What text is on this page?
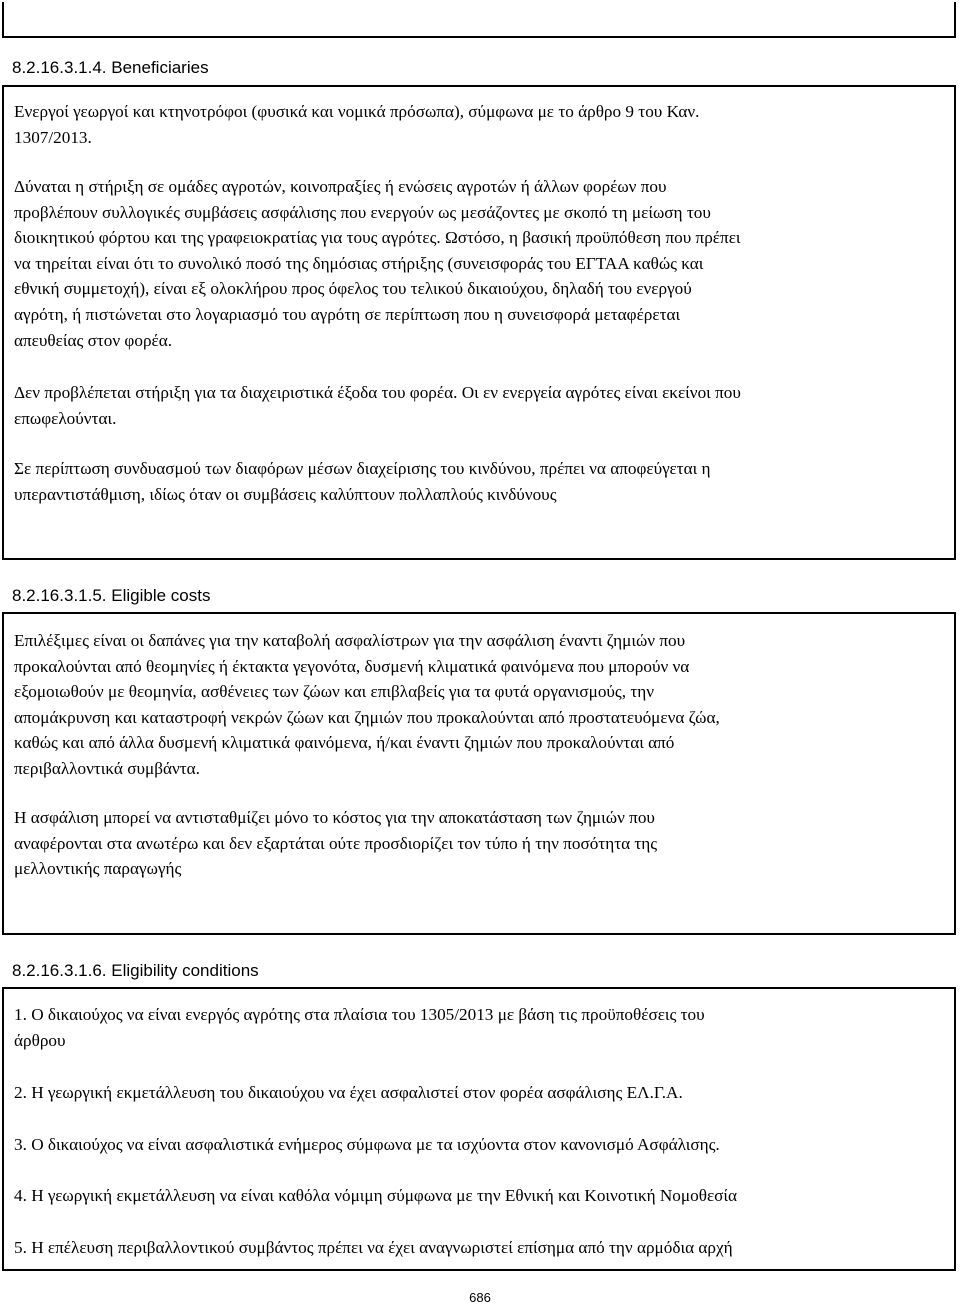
8.2.16.3.1.4. Beneficiaries

Ενεργοί γεωργοί και κτηνοτρόφοι (φυσικά και νομικά πρόσωπα), σύμφωνα με το άρθρο 9 του Καν.
1307/2013.

Δύναται η στήριξη σε ομάδες αγροτών, κοινοπραξίες ή ενώσεις αγροτών ή άλλων φορέων που
προβλέπουν συλλογικές συμβάσεις ασφάλισης που ενεργούν ως μεσάζοντες με σκοπό τη μείωση του
διοικητικού φόρτου και της γραφειοκρατίας για τους αγρότες. Ωστόσο, η βασική προϋπόθεση που πρέπει
να τηρείται είναι ότι το συνολικό ποσό της δημόσιας στήριξης (συνεισφοράς του ΕΓΤΑΑ καθώς και
εθνική συμμετοχή), είναι εξ ολοκλήρου προς όφελος του τελικού δικαιούχου, δηλαδή του ενεργού
αγρότη, ή πιστώνεται στο λογαριασμό του αγρότη σε περίπτωση που η συνεισφορά μεταφέρεται
απευθείας στον φορέα.

Δεν προβλέπεται στήριξη για τα διαχειριστικά έξοδα του φορέα. Οι εν ενεργεία αγρότες είναι εκείνοι που
επωφελούνται.

Σε περίπτωση συνδυασμού των διαφόρων μέσων διαχείρισης του κινδύνου, πρέπει να αποφεύγεται η
υπεραντιστάθμιση, ιδίως όταν οι συμβάσεις καλύπτουν πολλαπλούς κινδύνους

8.2.16.3.1.5. Eligible costs

Επιλέξιμες είναι οι δαπάνες για την καταβολή ασφαλίστρων για την ασφάλιση έναντι ζημιών που
προκαλούνται από θεομηνίες ή έκτακτα γεγονότα, δυσμενή κλιματικά φαινόμενα που μπορούν να
εξομοιωθούν με θεομηνία, ασθένειες των ζώων και επιβλαβείς για τα φυτά οργανισμούς, την
απομάκρυνση και καταστροφή νεκρών ζώων και ζημιών που προκαλούνται από προστατευόμενα ζώα,
καθώς και από άλλα δυσμενή κλιματικά φαινόμενα, ή/και έναντι ζημιών που προκαλούνται από
περιβαλλοντικά συμβάντα.

Η ασφάλιση μπορεί να αντισταθμίζει μόνο το κόστος για την αποκατάσταση των ζημιών που
αναφέρονται στα ανωτέρω και δεν εξαρτάται ούτε προσδιορίζει τον τύπο ή την ποσότητα της
μελλοντικής παραγωγής

8.2.16.3.1.6. Eligibility conditions

1. Ο δικαιούχος να είναι ενεργός αγρότης στα πλαίσια του 1305/2013 με βάση τις προϋποθέσεις του
άρθρου

2. Η γεωργική εκμετάλλευση του δικαιούχου να έχει ασφαλιστεί στον φορέα ασφάλισης ΕΛ.Γ.Α.

3. Ο δικαιούχος να είναι ασφαλιστικά ενήμερος σύμφωνα με τα ισχύοντα στον κανονισμό Ασφάλισης.

4. Η γεωργική εκμετάλλευση να είναι καθόλα νόμιμη σύμφωνα με την Εθνική και Κοινοτική Νομοθεσία

5. Η επέλευση περιβαλλοντικού συμβάντος πρέπει να έχει αναγνωριστεί επίσημα από την αρμόδια αρχή

686
